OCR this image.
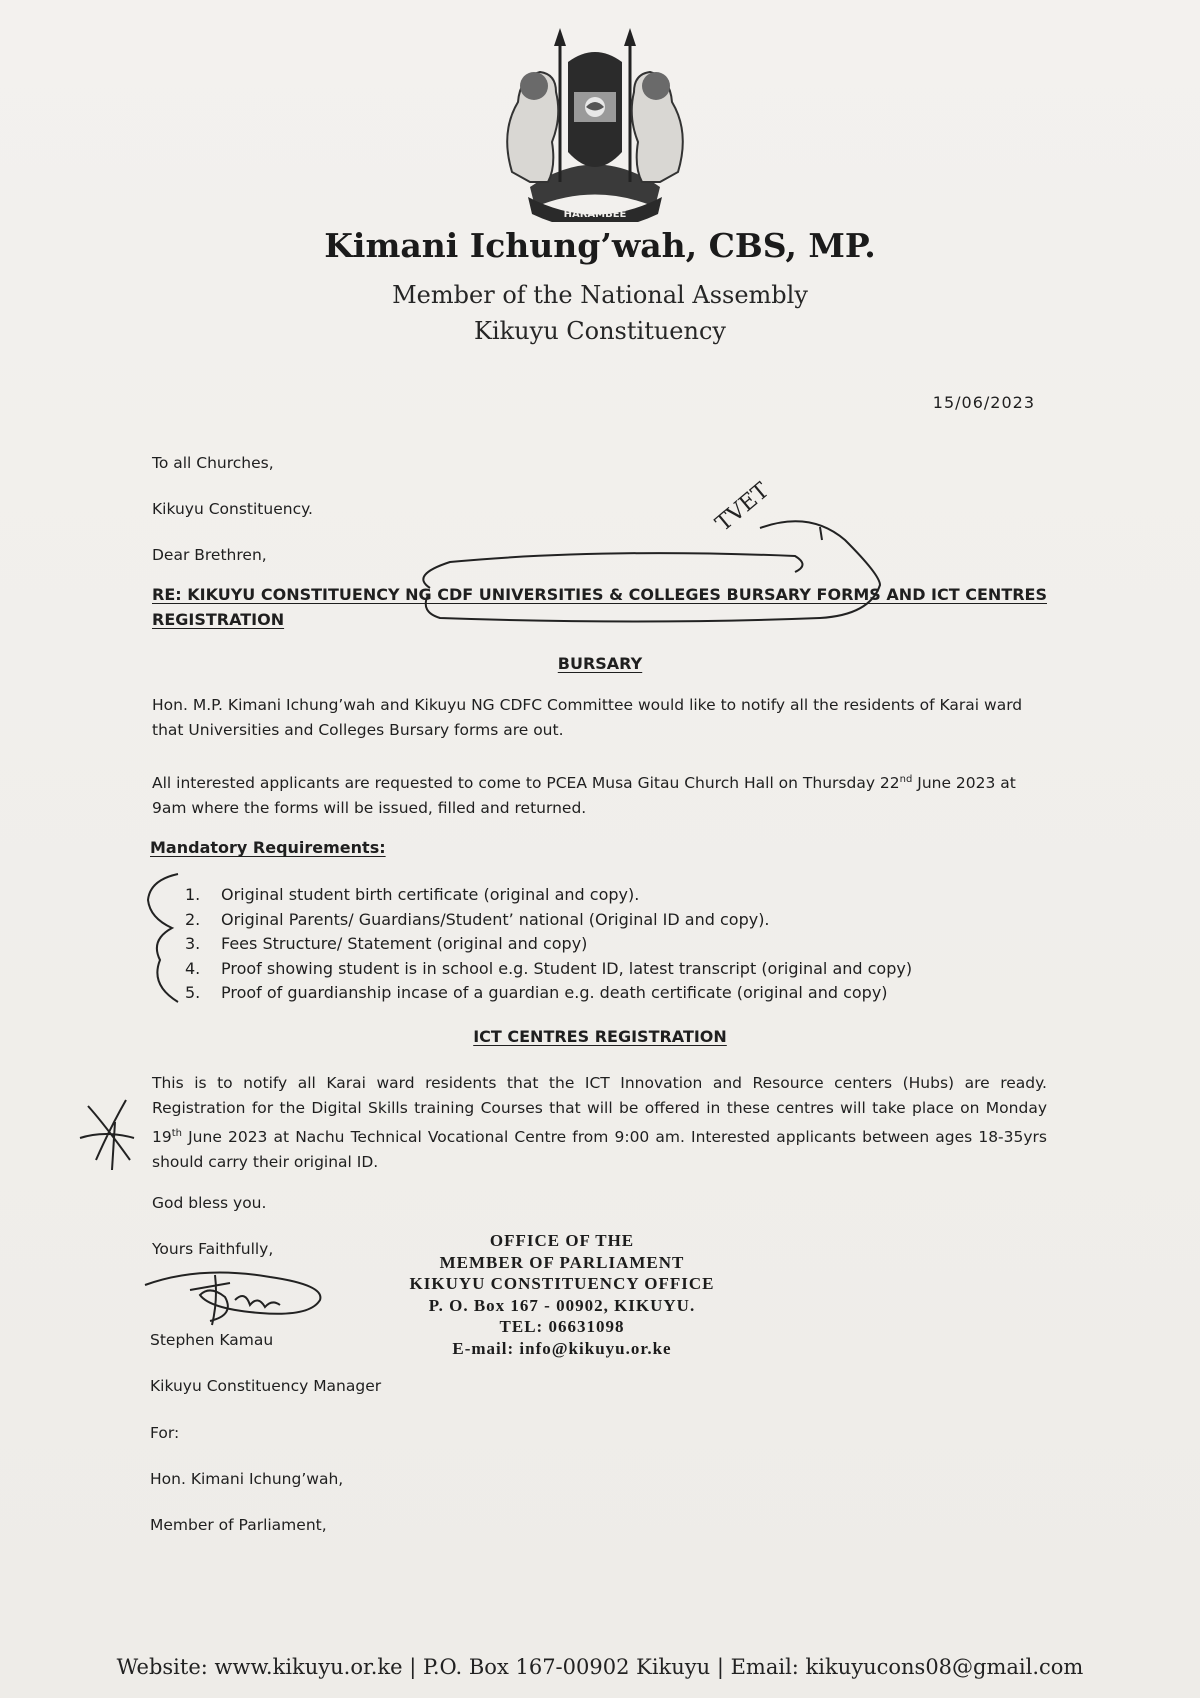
HARAMBEE
Kimani Ichung’wah, CBS, MP.
Member of the National Assembly
Kikuyu Constituency
15/06/2023
To all Churches,
Kikuyu Constituency.
Dear Brethren,
RE: KIKUYU CONSTITUENCY NG CDF UNIVERSITIES & COLLEGES BURSARY FORMS AND ICT CENTRES
REGISTRATION
BURSARY
Hon. M.P. Kimani Ichung’wah and Kikuyu NG CDFC Committee would like to notify all the residents of Karai ward that Universities and Colleges Bursary forms are out.
All interested applicants are requested to come to PCEA Musa Gitau Church Hall on Thursday 22nd June 2023 at 9am where the forms will be issued, filled and returned.
Mandatory Requirements:
1.	Original student birth certificate (original and copy).
2.	Original Parents/ Guardians/Student’ national (Original ID and copy).
3.	Fees Structure/ Statement (original and copy)
4.	Proof showing student is in school e.g. Student ID, latest transcript (original and copy)
5.	Proof of guardianship incase of a guardian e.g. death certificate (original and copy)
ICT CENTRES REGISTRATION
This is to notify all Karai ward residents that the ICT Innovation and Resource centers (Hubs) are ready. Registration for the Digital Skills training Courses that will be offered in these centres will take place on Monday 19th June 2023 at Nachu Technical Vocational Centre from 9:00 am. Interested applicants between ages 18-35yrs should carry their original ID.
God bless you.
Yours Faithfully,
Stephen Kamau
Kikuyu Constituency Manager
For:
Hon. Kimani Ichung’wah,
Member of Parliament,
OFFICE OF THE
MEMBER OF PARLIAMENT
KIKUYU CONSTITUENCY OFFICE
P. O. Box 167 - 00902, KIKUYU.
TEL: 06631098
E-mail: info@kikuyu.or.ke
TVET
Website: www.kikuyu.or.ke | P.O. Box 167-00902 Kikuyu | Email: kikuyucons08@gmail.com
